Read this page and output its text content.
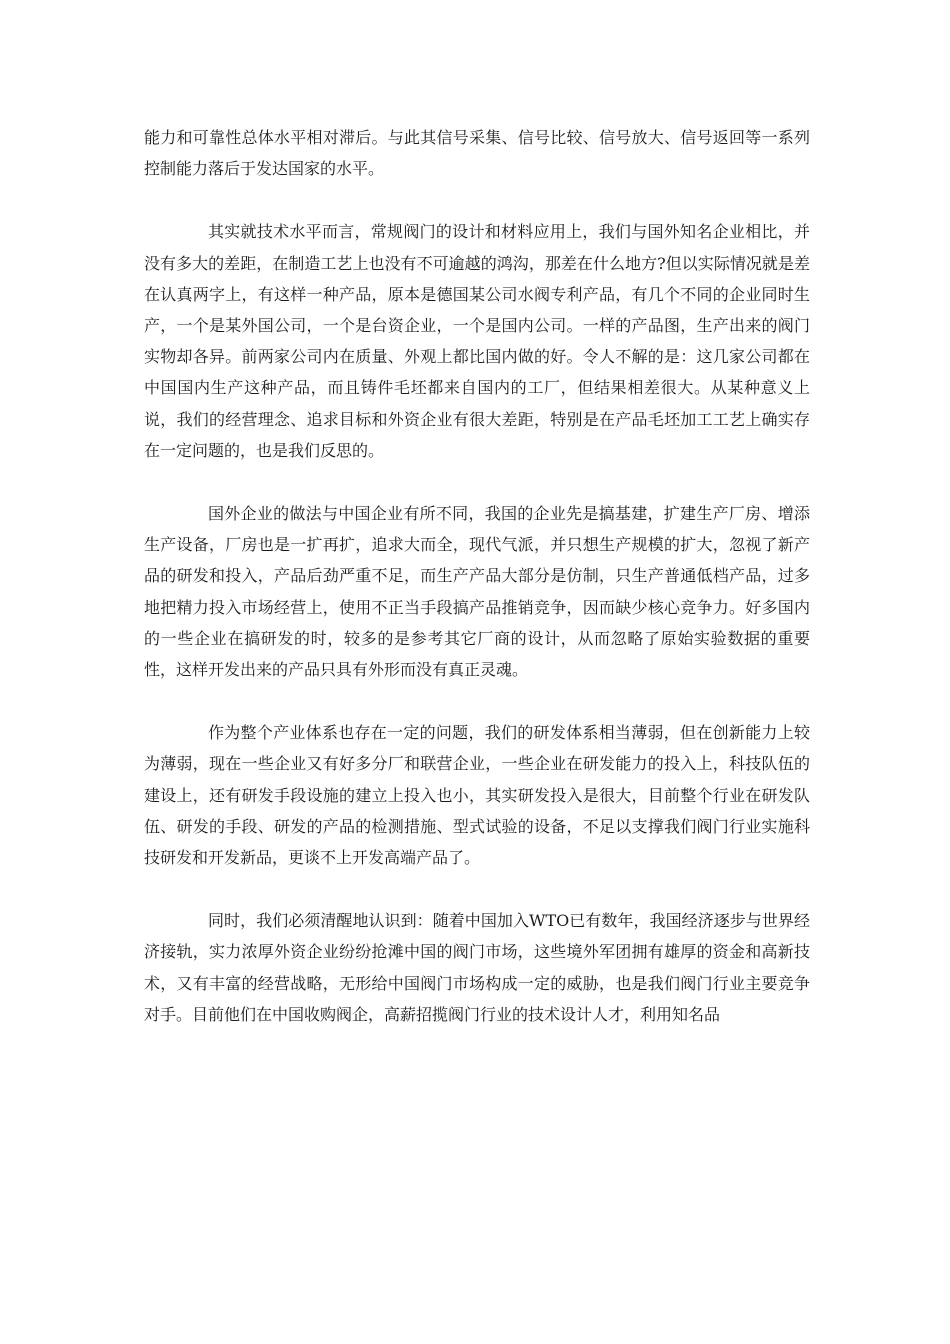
能力和可靠性总体水平相对滞后。与此其信号采集、信号比较、信号放大、信号返回等一系列控制能力落后于发达国家的水平。

其实就技术水平而言，常规阀门的设计和材料应用上，我们与国外知名企业相比，并没有多大的差距，在制造工艺上也没有不可逾越的鸿沟，那差在什么地方?但以实际情况就是差在认真两字上，有这样一种产品，原本是德国某公司水阀专利产品，有几个不同的企业同时生产，一个是某外国公司，一个是台资企业，一个是国内公司。一样的产品图，生产出来的阀门实物却各异。前两家公司内在质量、外观上都比国内做的好。令人不解的是：这几家公司都在中国国内生产这种产品，而且铸件毛坯都来自国内的工厂，但结果相差很大。从某种意义上说，我们的经营理念、追求目标和外资企业有很大差距，特别是在产品毛坯加工工艺上确实存在一定问题的，也是我们反思的。

国外企业的做法与中国企业有所不同，我国的企业先是搞基建，扩建生产厂房、增添生产设备，厂房也是一扩再扩，追求大而全，现代气派，并只想生产规模的扩大，忽视了新产品的研发和投入，产品后劲严重不足，而生产产品大部分是仿制，只生产普通低档产品，过多地把精力投入市场经营上，使用不正当手段搞产品推销竞争，因而缺少核心竞争力。好多国内的一些企业在搞研发的时，较多的是参考其它厂商的设计，从而忽略了原始实验数据的重要性，这样开发出来的产品只具有外形而没有真正灵魂。

作为整个产业体系也存在一定的问题，我们的研发体系相当薄弱，但在创新能力上较为薄弱，现在一些企业又有好多分厂和联营企业，一些企业在研发能力的投入上，科技队伍的建设上，还有研发手段设施的建立上投入也小，其实研发投入是很大，目前整个行业在研发队伍、研发的手段、研发的产品的检测措施、型式试验的设备，不足以支撑我们阀门行业实施科技研发和开发新品，更谈不上开发高端产品了。

同时，我们必须清醒地认识到：随着中国加入WTO已有数年，我国经济逐步与世界经济接轨，实力浓厚外资企业纷纷抢滩中国的阀门市场，这些境外军团拥有雄厚的资金和高新技术，又有丰富的经营战略，无形给中国阀门市场构成一定的威胁，也是我们阀门行业主要竞争对手。目前他们在中国收购阀企，高薪招揽阀门行业的技术设计人才，利用知名品
